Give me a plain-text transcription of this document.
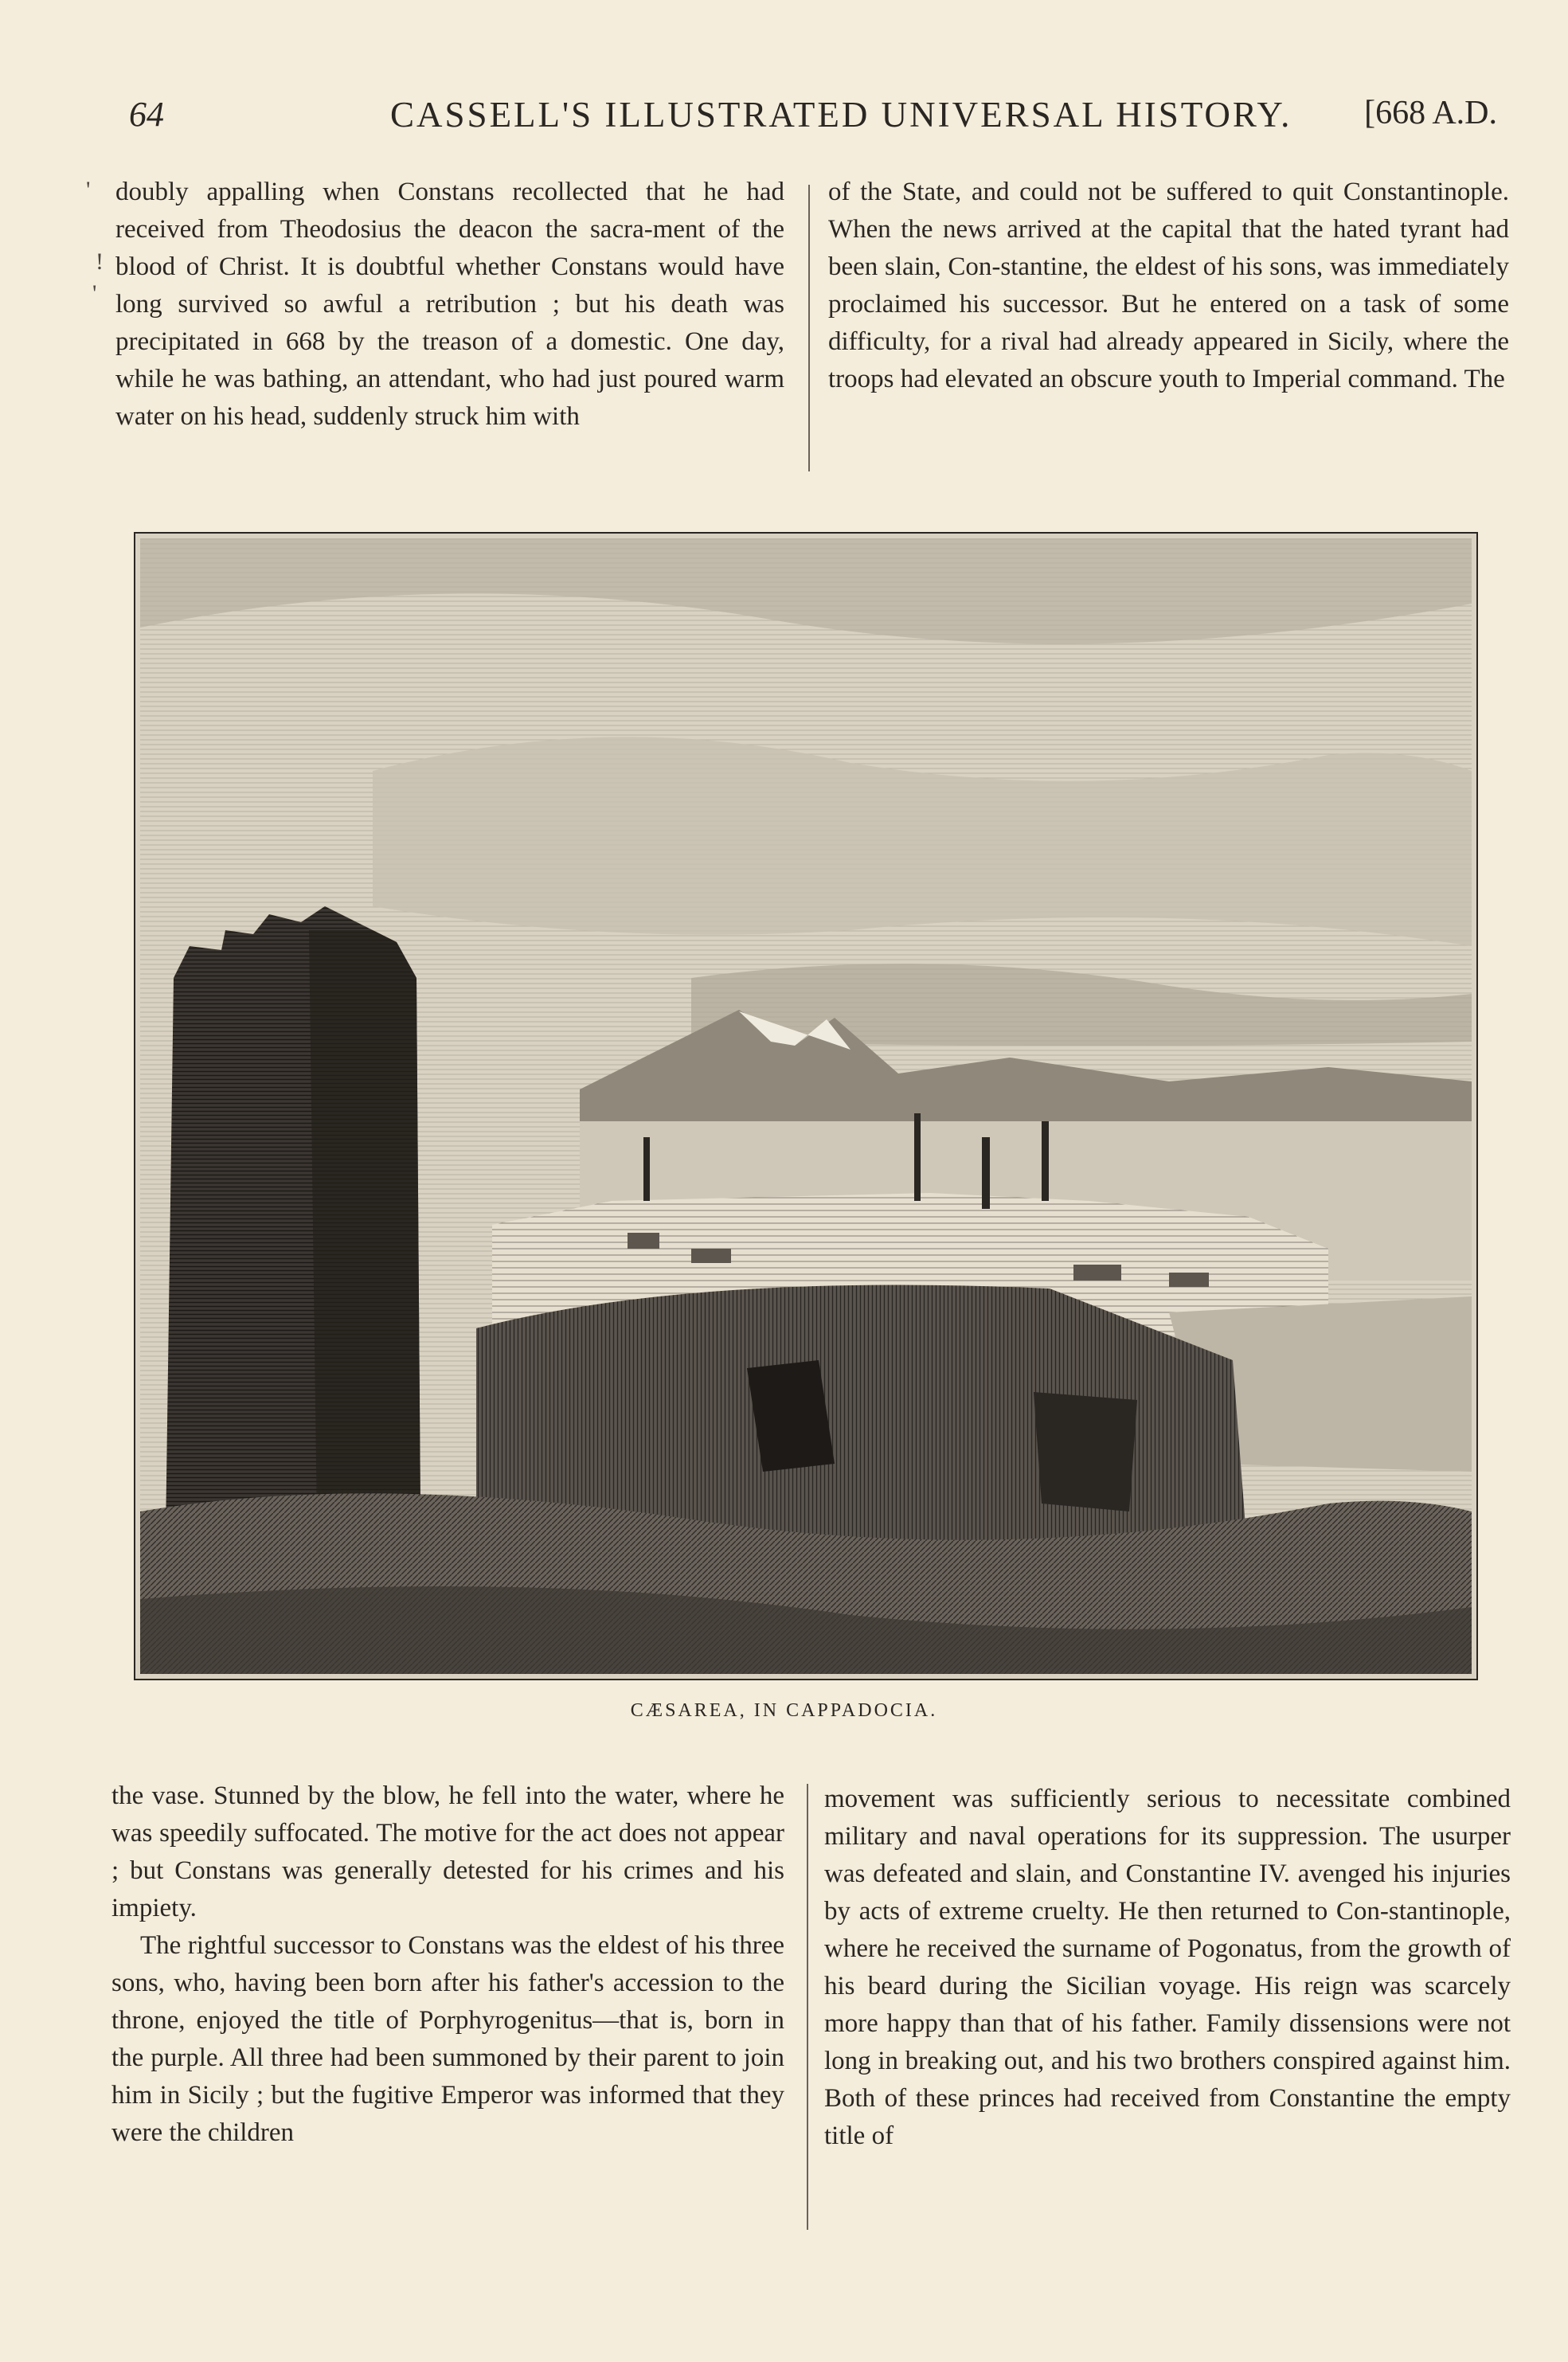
64	CASSELL'S ILLUSTRATED UNIVERSAL HISTORY. [668 A.D.
'
!
'

doubly appalling when Constans recollected that he had received from Theodosius the deacon the sacra-ment of the blood of Christ. It is doubtful whether Constans would have long survived so awful a retribution ; but his death was precipitated in 668 by the treason of a domestic. One day, while he was bathing, an attendant, who had just poured warm water on his head, suddenly struck him with

of the State, and could not be suffered to quit Constantinople. When the news arrived at the capital that the hated tyrant had been slain, Con-stantine, the eldest of his sons, was immediately proclaimed his successor. But he entered on a task of some difficulty, for a rival had already appeared in Sicily, where the troops had elevated an obscure youth to Imperial command. The

CÆSAREA, IN CAPPADOCIA.

the vase. Stunned by the blow, he fell into the water, where he was speedily suffocated. The motive for the act does not appear ; but Constans was generally detested for his crimes and his impiety.

The rightful successor to Constans was the eldest of his three sons, who, having been born after his father's accession to the throne, enjoyed the title of Porphyrogenitus—that is, born in the purple. All three had been summoned by their parent to join him in Sicily ; but the fugitive Emperor was informed that they were the children

movement was sufficiently serious to necessitate combined military and naval operations for its suppression. The usurper was defeated and slain, and Constantine IV. avenged his injuries by acts of extreme cruelty. He then returned to Con-stantinople, where he received the surname of Pogonatus, from the growth of his beard during the Sicilian voyage. His reign was scarcely more happy than that of his father. Family dissensions were not long in breaking out, and his two brothers conspired against him. Both of these princes had received from Constantine the empty title of
